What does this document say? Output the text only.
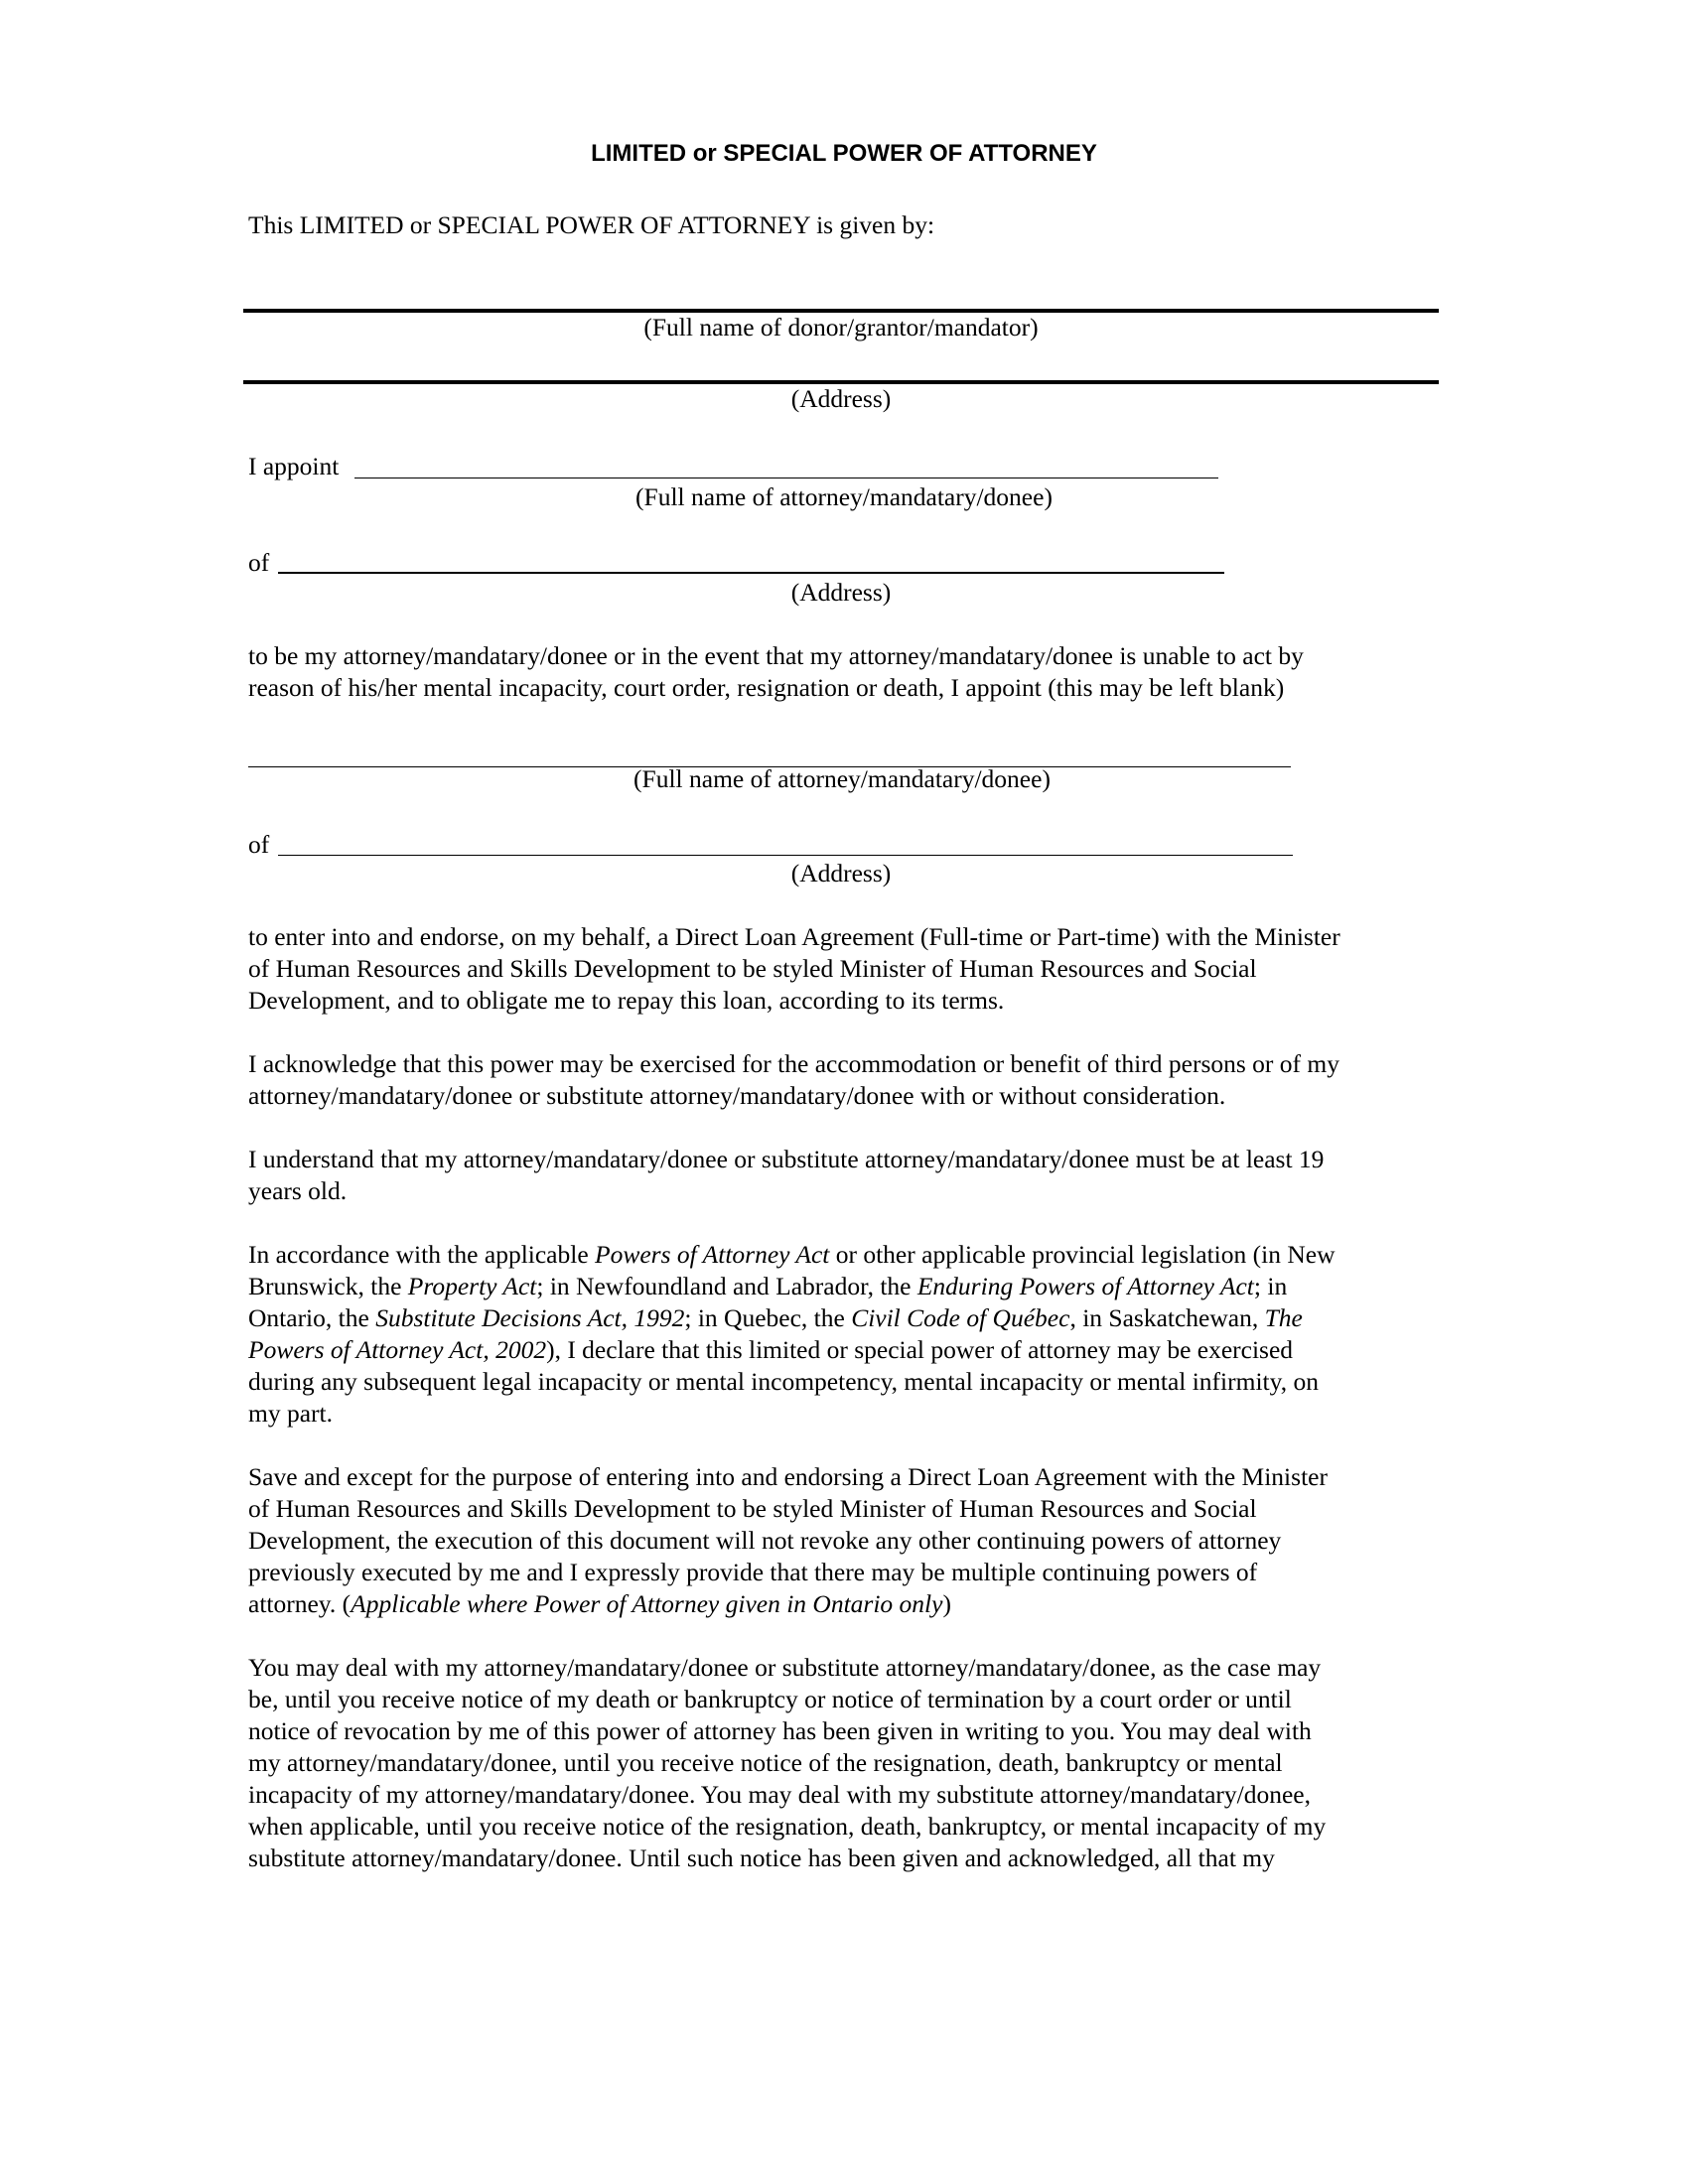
LIMITED or SPECIAL POWER OF ATTORNEY
This LIMITED or SPECIAL POWER OF ATTORNEY is given by:
(Full name of donor/grantor/mandator)
(Address)
I appoint
(Full name of attorney/mandatary/donee)
of
(Address)
to be my attorney/mandatary/donee or in the event that my attorney/mandatary/donee is unable to act by
reason of his/her mental incapacity, court order, resignation or death, I appoint (this may be left blank)
(Full name of attorney/mandatary/donee)
of
(Address)
to enter into and endorse, on my behalf, a Direct Loan Agreement (Full-time or Part-time) with the Minister
of Human Resources and Skills Development to be styled Minister of Human Resources and Social
Development, and to obligate me to repay this loan, according to its terms.
I acknowledge that this power may be exercised for the accommodation or benefit of third persons or of my
attorney/mandatary/donee or substitute attorney/mandatary/donee with or without consideration.
I understand that my attorney/mandatary/donee or substitute attorney/mandatary/donee must be at least 19
years old.
In accordance with the applicable Powers of Attorney Act or other applicable provincial legislation (in New
Brunswick, the Property Act; in Newfoundland and Labrador, the Enduring Powers of Attorney Act; in
Ontario, the Substitute Decisions Act, 1992; in Quebec, the Civil Code of Québec, in Saskatchewan, The
Powers of Attorney Act, 2002), I declare that this limited or special power of attorney may be exercised
during any subsequent legal incapacity or mental incompetency, mental incapacity or mental infirmity, on
my part.
Save and except for the purpose of entering into and endorsing a Direct Loan Agreement with the Minister
of Human Resources and Skills Development to be styled Minister of Human Resources and Social
Development, the execution of this document will not revoke any other continuing powers of attorney
previously executed by me and I expressly provide that there may be multiple continuing powers of
attorney. (Applicable where Power of Attorney given in Ontario only)
You may deal with my attorney/mandatary/donee or substitute attorney/mandatary/donee, as the case may
be, until you receive notice of my death or bankruptcy or notice of termination by a court order or until
notice of revocation by me of this power of attorney has been given in writing to you. You may deal with
my attorney/mandatary/donee, until you receive notice of the resignation, death, bankruptcy or mental
incapacity of my attorney/mandatary/donee. You may deal with my substitute attorney/mandatary/donee,
when applicable, until you receive notice of the resignation, death, bankruptcy, or mental incapacity of my
substitute attorney/mandatary/donee. Until such notice has been given and acknowledged, all that my
